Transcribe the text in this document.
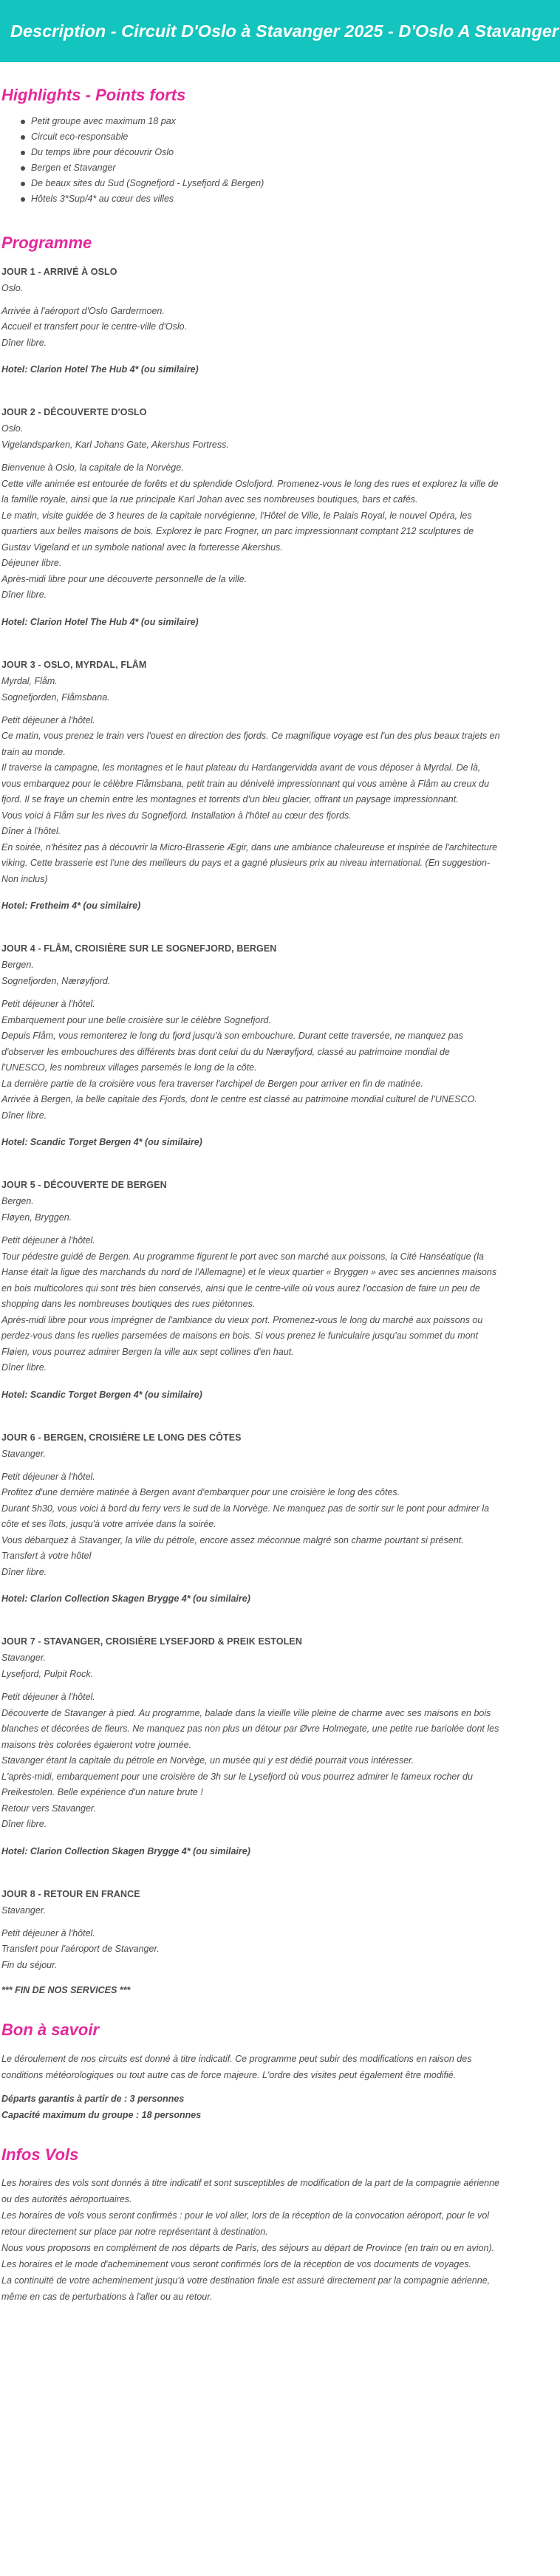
Description - Circuit D'Oslo à Stavanger 2025 - D'Oslo A Stavanger
Highlights - Points forts
Petit groupe avec maximum 18 pax
Circuit eco-responsable
Du temps libre pour découvrir Oslo
Bergen et Stavanger
De beaux sites du Sud (Sognefjord - Lysefjord & Bergen)
Hôtels 3*Sup/4* au cœur des villes
Programme
JOUR 1 - ARRIVÉ À OSLO
Oslo.
Arrivée à l'aéroport d'Oslo Gardermoen.
Accueil et transfert pour le centre-ville d'Oslo.
Dîner libre.
Hotel: Clarion Hotel The Hub 4* (ou similaire)
JOUR 2 - DÉCOUVERTE D'OSLO
Oslo.
Vigelandsparken, Karl Johans Gate, Akershus Fortress.
Bienvenue à Oslo, la capitale de la Norvège.
Cette ville animée est entourée de forêts et du splendide Oslofjord. Promenez-vous le long des rues et explorez la ville de
la famille royale, ainsi que la rue principale Karl Johan avec ses nombreuses boutiques, bars et cafés.
Le matin, visite guidée de 3 heures de la capitale norvégienne, l'Hôtel de Ville, le Palais Royal, le nouvel Opéra, les
quartiers aux belles maisons de bois. Explorez le parc Frogner, un parc impressionnant comptant 212 sculptures de
Gustav Vigeland et un symbole national avec la forteresse Akershus.
Déjeuner libre.
Après-midi libre pour une découverte personnelle de la ville.
Dîner libre.
Hotel: Clarion Hotel The Hub 4* (ou similaire)
JOUR 3 - OSLO, MYRDAL, FLÅM
Myrdal, Flåm.
Sognefjorden, Flåmsbana.
Petit déjeuner à l'hôtel.
Ce matin, vous prenez le train vers l'ouest en direction des fjords. Ce magnifique voyage est l'un des plus beaux trajets en
train au monde.
Il traverse la campagne, les montagnes et le haut plateau du Hardangervidda avant de vous déposer à Myrdal. De là,
vous embarquez pour le célèbre Flåmsbana, petit train au dénivelé impressionnant qui vous amène à Flåm au creux du
fjord. Il se fraye un chemin entre les montagnes et torrents d'un bleu glacier, offrant un paysage impressionnant.
Vous voici à Flåm sur les rives du Sognefjord. Installation à l'hôtel au cœur des fjords.
Dîner à l'hôtel.
En soirée, n'hésitez pas à découvrir la Micro-Brasserie Ægir, dans une ambiance chaleureuse et inspirée de l'architecture
viking. Cette brasserie est l'une des meilleurs du pays et a gagné plusieurs prix au niveau international. (En suggestion-
Non inclus)
Hotel: Fretheim 4* (ou similaire)
JOUR 4 - FLÅM, CROISIÈRE SUR LE SOGNEFJORD, BERGEN
Bergen.
Sognefjorden, Nærøyfjord.
Petit déjeuner à l'hôtel.
Embarquement pour une belle croisière sur le célèbre Sognefjord.
Depuis Flåm, vous remonterez le long du fjord jusqu'à son embouchure. Durant cette traversée, ne manquez pas
d'observer les embouchures des différents bras dont celui du du Nærøyfjord, classé au patrimoine mondial de
l'UNESCO, les nombreux villages parsemés le long de la côte.
La dernière partie de la croisière vous fera traverser l'archipel de Bergen pour arriver en fin de matinée.
Arrivée à Bergen, la belle capitale des Fjords, dont le centre est classé au patrimoine mondial culturel de l'UNESCO.
Dîner libre.
Hotel: Scandic Torget Bergen 4* (ou similaire)
JOUR 5 - DÉCOUVERTE DE BERGEN
Bergen.
Fløyen, Bryggen.
Petit déjeuner à l'hôtel.
Tour pédestre guidé de Bergen. Au programme figurent le port avec son marché aux poissons, la Cité Hanséatique (la
Hanse était la ligue des marchands du nord de l'Allemagne) et le vieux quartier « Bryggen » avec ses anciennes maisons
en bois multicolores qui sont très bien conservés, ainsi que le centre-ville où vous aurez l'occasion de faire un peu de
shopping dans les nombreuses boutiques des rues piétonnes.
Après-midi libre pour vous imprégner de l'ambiance du vieux port. Promenez-vous le long du marché aux poissons ou
perdez-vous dans les ruelles parsemées de maisons en bois. Si vous prenez le funiculaire jusqu'au sommet du mont
Fløien, vous pourrez admirer Bergen la ville aux sept collines d'en haut.
Dîner libre.
Hotel: Scandic Torget Bergen 4* (ou similaire)
JOUR 6 - BERGEN, CROISIÈRE LE LONG DES CÔTES
Stavanger.
Petit déjeuner à l'hôtel.
Profitez d'une dernière matinée à Bergen avant d'embarquer pour une croisière le long des côtes.
Durant 5h30, vous voici à bord du ferry vers le sud de la Norvège. Ne manquez pas de sortir sur le pont pour admirer la
côte et ses îlots, jusqu'à votre arrivée dans la soirée.
Vous débarquez à Stavanger, la ville du pétrole, encore assez méconnue malgré son charme pourtant si présent.
Transfert à votre hôtel
Dîner libre.
Hotel: Clarion Collection Skagen Brygge 4* (ou similaire)
JOUR 7 - STAVANGER, CROISIÈRE LYSEFJORD & PREIK ESTOLEN
Stavanger.
Lysefjord, Pulpit Rock.
Petit déjeuner à l'hôtel.
Découverte de Stavanger à pied. Au programme, balade dans la vieille ville pleine de charme avec ses maisons en bois
blanches et décorées de fleurs. Ne manquez pas non plus un détour par Øvre Holmegate, une petite rue bariolée dont les
maisons très colorées égaieront votre journée.
Stavanger étant la capitale du pétrole en Norvège, un musée qui y est dédié pourrait vous intéresser.
L'après-midi, embarquement pour une croisière de 3h sur le Lysefjord où vous pourrez admirer le fameux rocher du
Preikestolen. Belle expérience d'un nature brute !
Retour vers Stavanger.
Dîner libre.
Hotel: Clarion Collection Skagen Brygge 4* (ou similaire)
JOUR 8 - RETOUR EN FRANCE
Stavanger.
Petit déjeuner à l'hôtel.
Transfert pour l'aéroport de Stavanger.
Fin du séjour.
*** FIN DE NOS SERVICES ***
Bon à savoir
Le déroulement de nos circuits est donné à titre indicatif. Ce programme peut subir des modifications en raison des
conditions météorologiques ou tout autre cas de force majeure. L'ordre des visites peut également être modifié.
Départs garantis à partir de : 3 personnes
Capacité maximum du groupe : 18 personnes
Infos Vols
Les horaires des vols sont donnés à titre indicatif et sont susceptibles de modification de la part de la compagnie aérienne
ou des autorités aéroportuaires.
Les horaires de vols vous seront confirmés : pour le vol aller, lors de la réception de la convocation aéroport, pour le vol
retour directement sur place par notre représentant à destination.
Nous vous proposons en complément de nos départs de Paris, des séjours au départ de Province (en train ou en avion).
Les horaires et le mode d'acheminement vous seront confirmés lors de la réception de vos documents de voyages.
La continuité de votre acheminement jusqu'à votre destination finale est assuré directement par la compagnie aérienne,
même en cas de perturbations à l'aller ou au retour.
